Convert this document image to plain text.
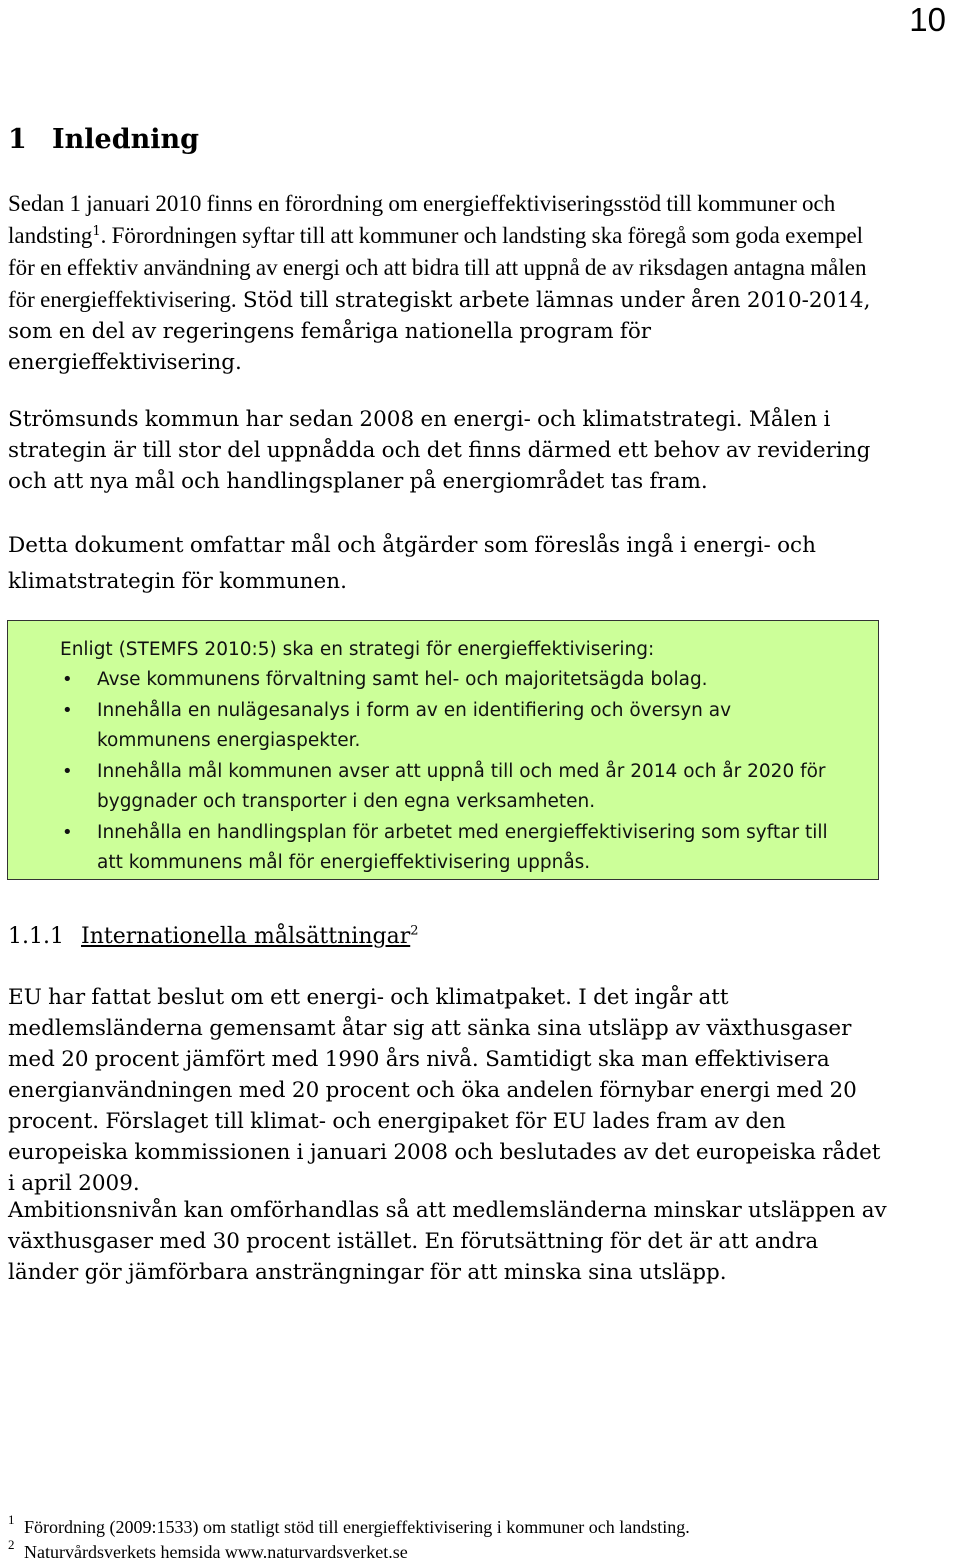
10
1 Inledning

Sedan 1 januari 2010 finns en förordning om energieffektiviseringsstöd till kommuner och landsting$^1$. Förordningen syftar till att kommuner och landsting ska föregå som goda exempel för en effektiv användning av energi och att bidra till att uppnå de av riksdagen antagna målen för energieffektivisering. Stöd till strategiskt arbete lämnas under åren 2010-2014, som en del av regeringens femåriga nationella program för energieffektivisering.

Strömsunds kommun har sedan 2008 en energi- och klimatstrategi. Målen i strategin är till stor del uppnådda och det finns därmed ett behov av revidering och att nya mål och handlingsplaner på energiområdet tas fram.

Detta dokument omfattar mål och åtgärder som föreslås ingå i energi- och klimatstrategin för kommunen.

Enligt (STEMFS 2010:5) ska en strategi för energieffektivisering:
• Avse kommunens förvaltning samt hel- och majoritetsägda bolag.
• Innehålla en nulägesanalys i form av en identifiering och översyn av kommunens energiaspekter.
• Innehålla mål kommunen avser att uppnå till och med år 2014 och år 2020 för byggnader och transporter i den egna verksamheten.
• Innehålla en handlingsplan för arbetet med energieffektivisering som syftar till att kommunens mål för energieffektivisering uppnås.
1.1.1 Internationella målsättningar$^2$

EU har fattat beslut om ett energi- och klimatpaket. I det ingår att medlemsländerna gemensamt åtar sig att sänka sina utsläpp av växthusgaser med 20 procent jämfört med 1990 års nivå. Samtidigt ska man effektivisera energianvändningen med 20 procent och öka andelen förnybar energi med 20 procent. Förslaget till klimat- och energipaket för EU lades fram av den europeiska kommissionen i januari 2008 och beslutades av det europeiska rådet i april 2009.

Ambitionsnivån kan omförhandlas så att medlemsländerna minskar utsläppen av växthusgaser med 30 procent istället. En förutsättning för det är att andra länder gör jämförbara ansträngningar för att minska sina utsläpp.

1 Förordning (2009:1533) om statligt stöd till energieffektivisering i kommuner och landsting.
2 Naturvårdsverkets hemsida www.naturvardsverket.se
